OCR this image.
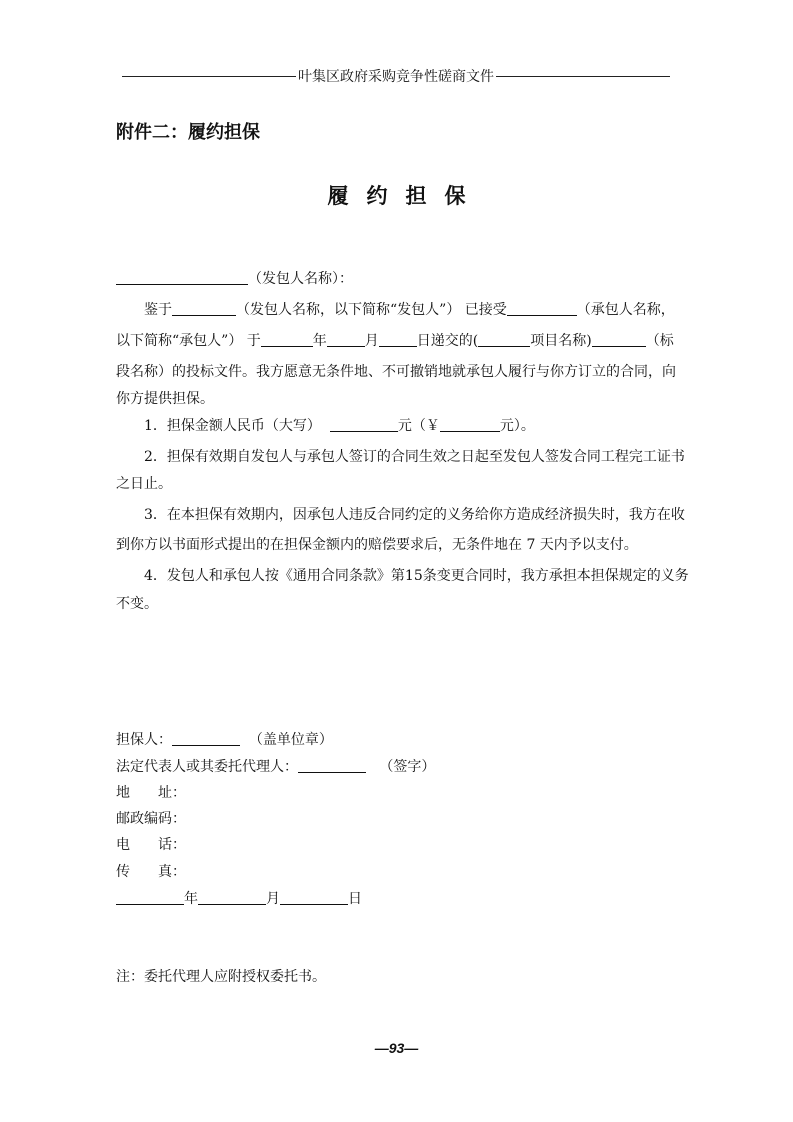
叶集区政府采购竞争性磋商文件
附件二：履约担保
履约担保
（发包人名称）：
鉴于	（发包人名称，以下简称“发包人”） 已接受	（承包人名称，
以下简称“承包人”） 于	年	月	日递交的(	项目名称)	（标
段名称）的投标文件。我方愿意无条件地、不可撤销地就承包人履行与你方订立的合同，向
你方提供担保。
1．担保金额人民币（大写）	元（￥	元）。
2．担保有效期自发包人与承包人签订的合同生效之日起至发包人签发合同工程完工证书
之日止。
3．在本担保有效期内，因承包人违反合同约定的义务给你方造成经济损失时，我方在收
到你方以书面形式提出的在担保金额内的赔偿要求后，无条件地在 7 天内予以支付。
4．发包人和承包人按《通用合同条款》第15条变更合同时，我方承担本担保规定的义务
不变。
担保人：	（盖单位章）
法定代表人或其委托代理人：	（签字）
地　　址：
邮政编码：
电　　话：
传　　真：
年	月	日
注：委托代理人应附授权委托书。
—93—
